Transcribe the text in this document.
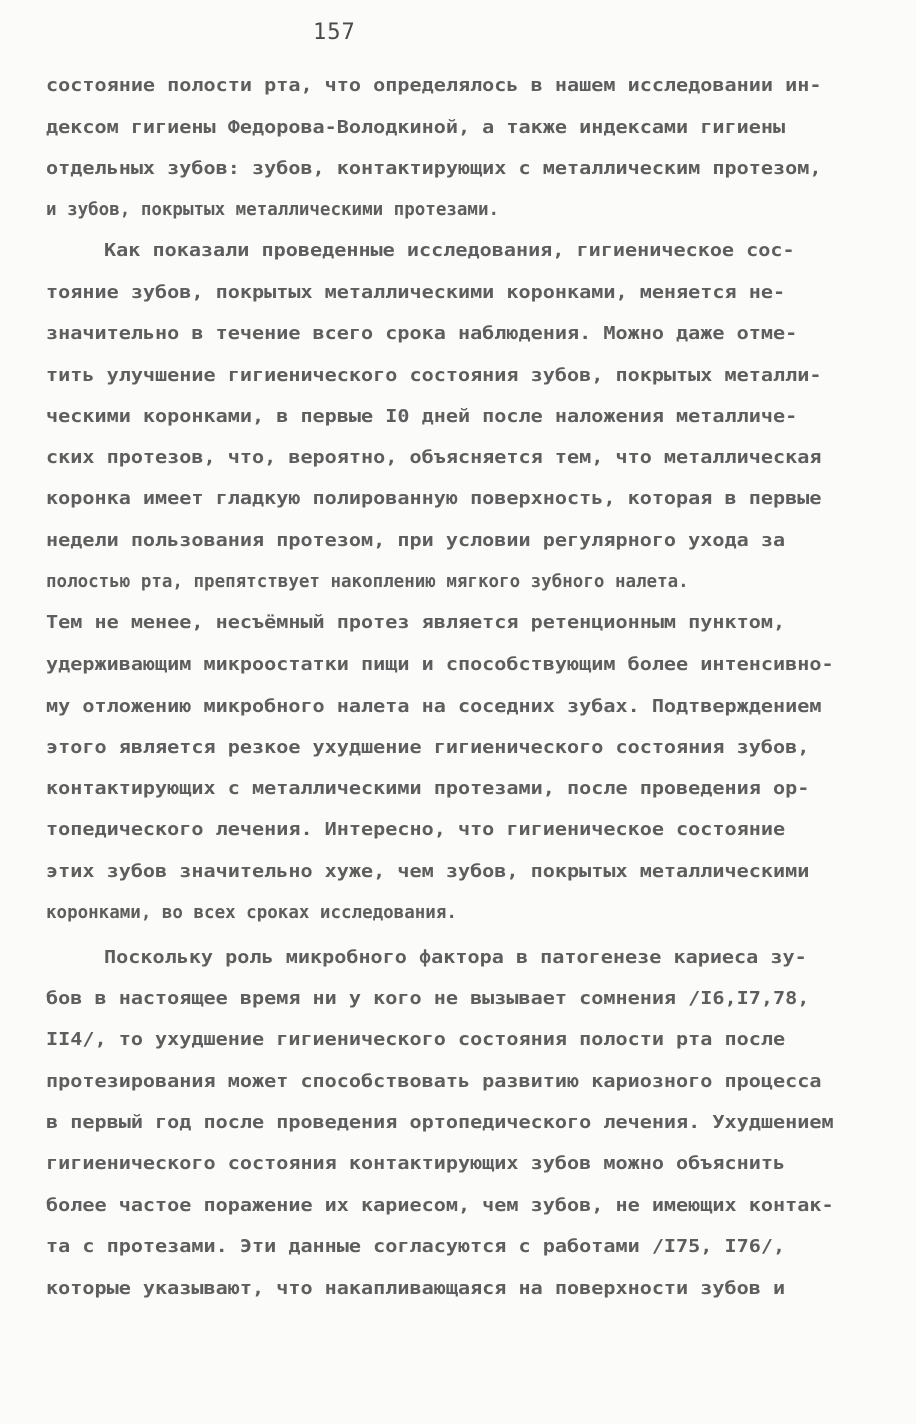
157
состояние полости рта, что определялось в нашем исследовании ин-
дексом гигиены Федорова-Володкиной, а также индексами гигиены
отдельных зубов: зубов, контактирующих с металлическим протезом,
и зубов, покрытых металлическими протезами.
Как показали проведенные исследования, гигиеническое сос-
тояние зубов, покрытых металлическими коронками, меняется не-
значительно в течение всего срока наблюдения. Можно даже отме-
тить улучшение гигиенического состояния зубов, покрытых металли-
ческими коронками, в первые I0 дней после наложения металличе-
ских протезов, что, вероятно, объясняется тем, что металлическая
коронка имеет гладкую полированную поверхность, которая в первые
недели пользования протезом, при условии регулярного ухода за
полостью рта, препятствует накоплению мягкого зубного налета.
Тем не менее, несъёмный протез является ретенционным пунктом,
удерживающим микроостатки пищи и способствующим более интенсивно-
му отложению микробного налета на соседних зубах. Подтверждением
этого является резкое ухудшение гигиенического состояния зубов,
контактирующих с металлическими протезами, после проведения ор-
топедического лечения. Интересно, что гигиеническое состояние
этих зубов значительно хуже, чем зубов, покрытых металлическими
коронками, во всех сроках исследования.
Поскольку роль микробного фактора в патогенезе кариеса зу-
бов в настоящее время ни у кого не вызывает сомнения /I6,I7,78,
II4/, то ухудшение гигиенического состояния полости рта после
протезирования может способствовать развитию кариозного процесса
в первый год после проведения ортопедического лечения. Ухудшением
гигиенического состояния контактирующих зубов можно объяснить
более частое поражение их кариесом, чем зубов, не имеющих контак-
та с протезами. Эти данные согласуются с работами /I75, I76/,
которые указывают, что накапливающаяся на поверхности зубов и
